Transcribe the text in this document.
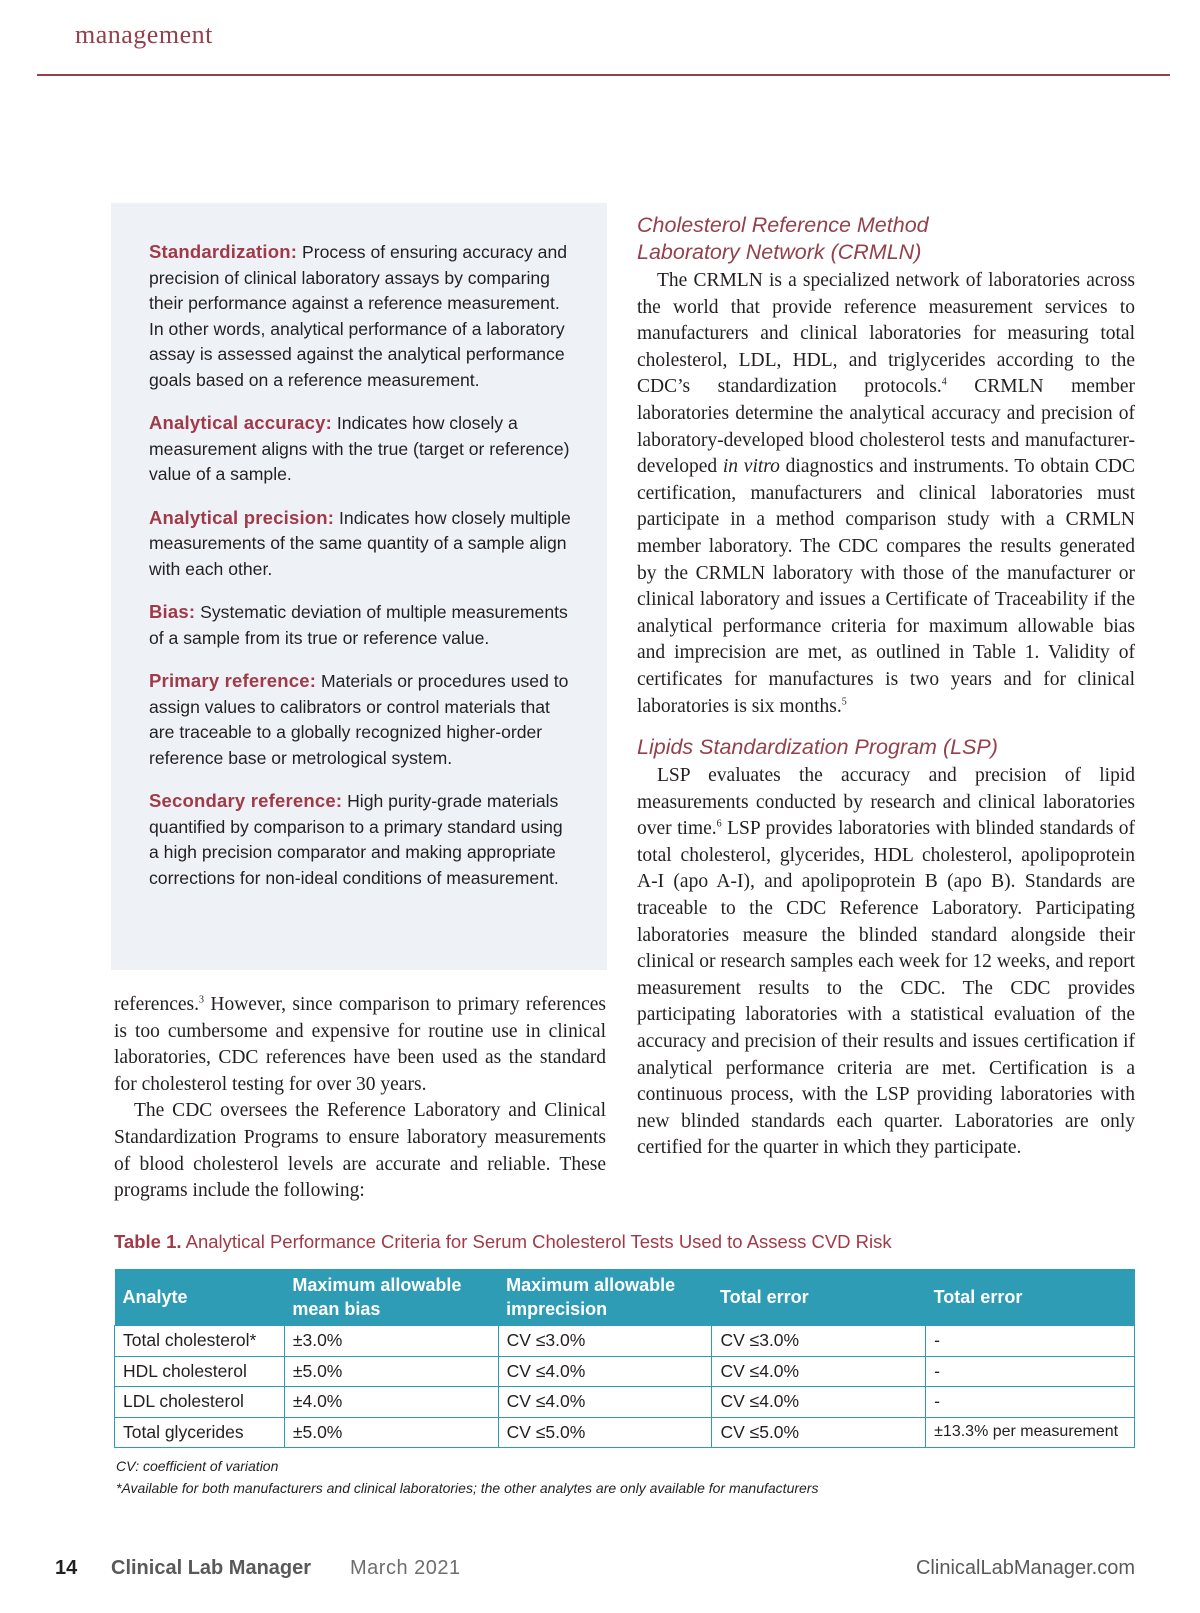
management
Standardization: Process of ensuring accuracy and precision of clinical laboratory assays by comparing their performance against a reference measurement. In other words, analytical performance of a laboratory assay is assessed against the analytical performance goals based on a reference measurement.
Analytical accuracy: Indicates how closely a measurement aligns with the true (target or reference) value of a sample.
Analytical precision: Indicates how closely multiple measurements of the same quantity of a sample align with each other.
Bias: Systematic deviation of multiple measurements of a sample from its true or reference value.
Primary reference: Materials or procedures used to assign values to calibrators or control materials that are traceable to a globally recognized higher-order reference base or metrological system.
Secondary reference: High purity-grade materials quantified by comparison to a primary standard using a high precision comparator and making appropriate corrections for non-ideal conditions of measurement.

references.$^3$ However, since comparison to primary references is too cumbersome and expensive for routine use in clinical laboratories, CDC references have been used as the standard for cholesterol testing for over 30 years.

The CDC oversees the Reference Laboratory and Clinical Standardization Programs to ensure laboratory measurements of blood cholesterol levels are accurate and reliable. These programs include the following:

Cholesterol Reference Method
Laboratory Network (CRMLN)

The CRMLN is a specialized network of laboratories across the world that provide reference measurement services to manufacturers and clinical laboratories for measuring total cholesterol, LDL, HDL, and triglycerides according to the CDC’s standardization protocols.$^4$ CRMLN member laboratories determine the analytical accuracy and precision of laboratory-developed blood cholesterol tests and manufacturer-developed in vitro diagnostics and instruments. To obtain CDC certification, manufacturers and clinical laboratories must participate in a method comparison study with a CRMLN member laboratory. The CDC compares the results generated by the CRMLN laboratory with those of the manufacturer or clinical laboratory and issues a Certificate of Traceability if the analytical performance criteria for maximum allowable bias and imprecision are met, as outlined in Table 1. Validity of certificates for manufactures is two years and for clinical laboratories is six months.$^5$

Lipids Standardization Program (LSP)

LSP evaluates the accuracy and precision of lipid measurements conducted by research and clinical laboratories over time.$^6$ LSP provides laboratories with blinded standards of total cholesterol, glycerides, HDL cholesterol, apolipoprotein A-I (apo A-I), and apolipoprotein B (apo B). Standards are traceable to the CDC Reference Laboratory. Participating laboratories measure the blinded standard alongside their clinical or research samples each week for 12 weeks, and report measurement results to the CDC. The CDC provides participating laboratories with a statistical evaluation of the accuracy and precision of their results and issues certification if analytical performance criteria are met. Certification is a continuous process, with the LSP providing laboratories with new blinded standards each quarter. Laboratories are only certified for the quarter in which they participate.

Table 1. Analytical Performance Criteria for Serum Cholesterol Tests Used to Assess CVD Risk
Analyte	Maximum allowable mean bias	Maximum allowable imprecision	Total error	Total error
Total cholesterol*	±3.0%	CV ≤3.0%	CV ≤3.0%	-
HDL cholesterol	±5.0%	CV ≤4.0%	CV ≤4.0%	-
LDL cholesterol	±4.0%	CV ≤4.0%	CV ≤4.0%	-
Total glycerides	±5.0%	CV ≤5.0%	CV ≤5.0%	±13.3% per measurement
CV: coefficient of variation
*Available for both manufacturers and clinical laboratories; the other analytes are only available for manufacturers
14 Clinical Lab Manager March 2021	ClinicalLabManager.com
